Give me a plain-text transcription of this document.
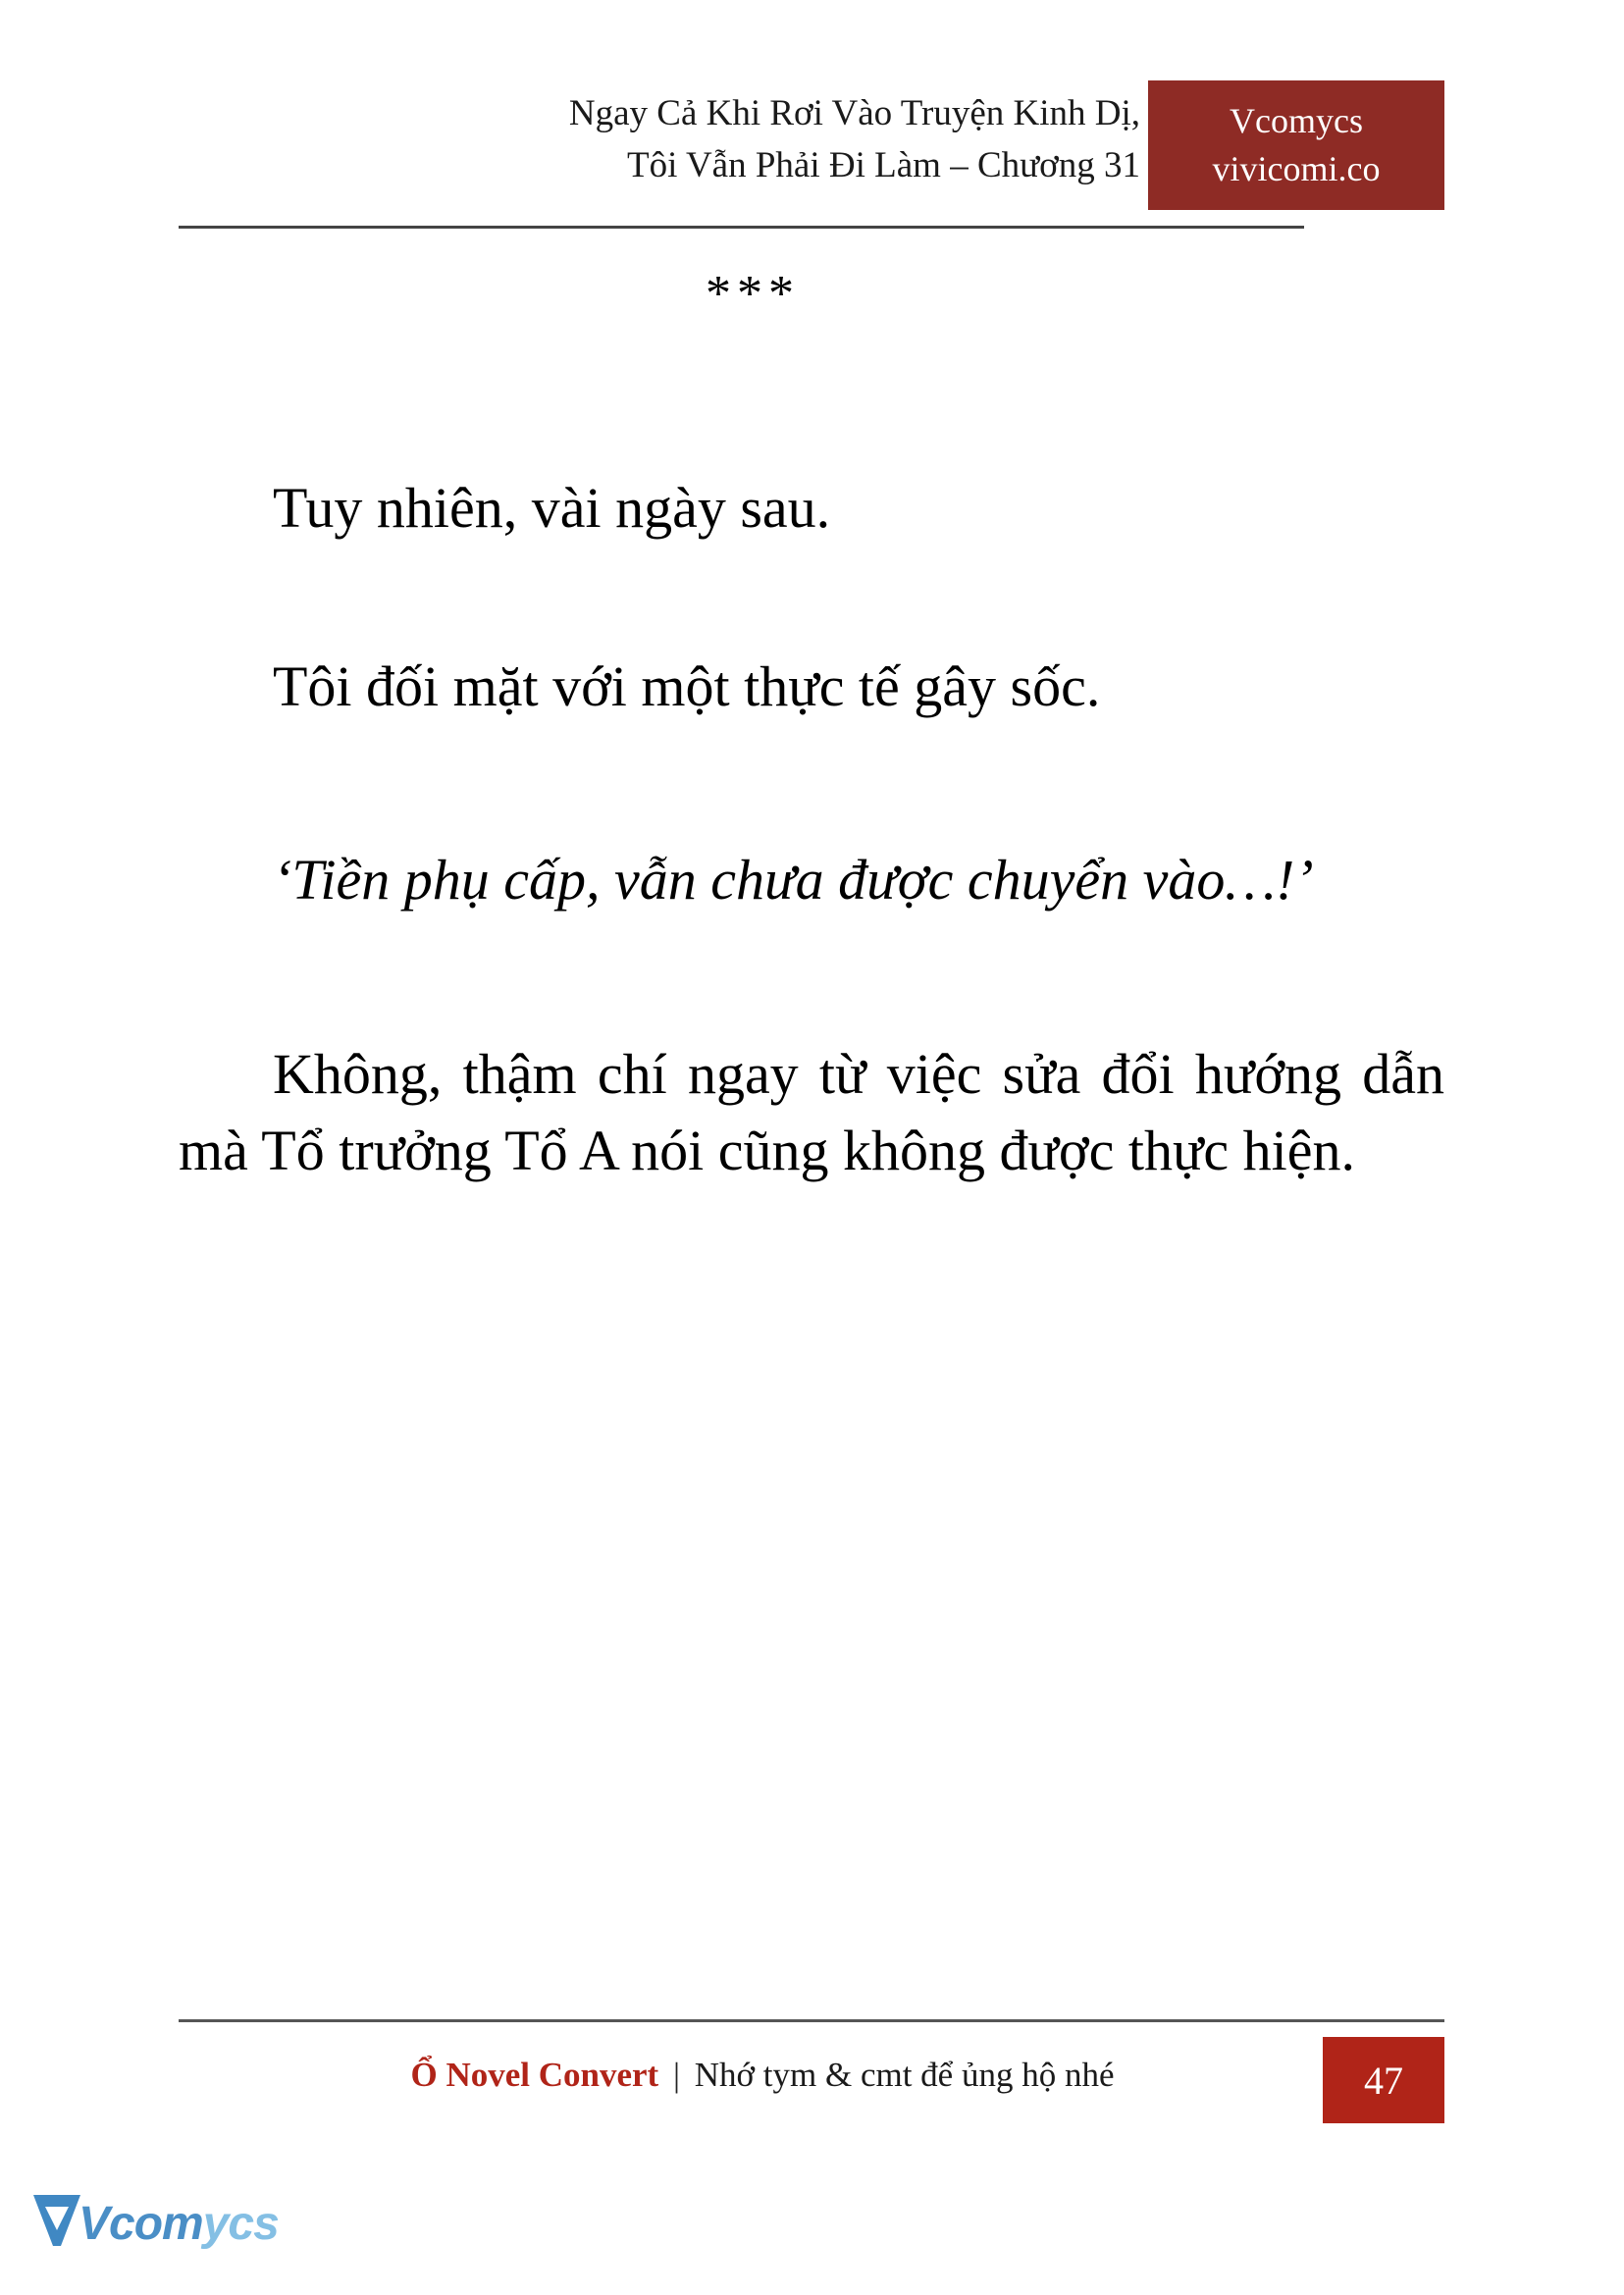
Ngay Cả Khi Rơi Vào Truyện Kinh Dị,
Tôi Vẫn Phải Đi Làm – Chương 31
Vcomycs
vivicomi.co
***

Tuy nhiên, vài ngày sau.

Tôi đối mặt với một thực tế gây sốc.

‘Tiền phụ cấp, vẫn chưa được chuyển vào…!’

Không, thậm chí ngay từ việc sửa đổi hướng dẫn mà Tổ trưởng Tổ A nói cũng không được thực hiện.

Ổ Novel Convert | Nhớ tym & cmt để ủng hộ nhé	47
Vcomycs
